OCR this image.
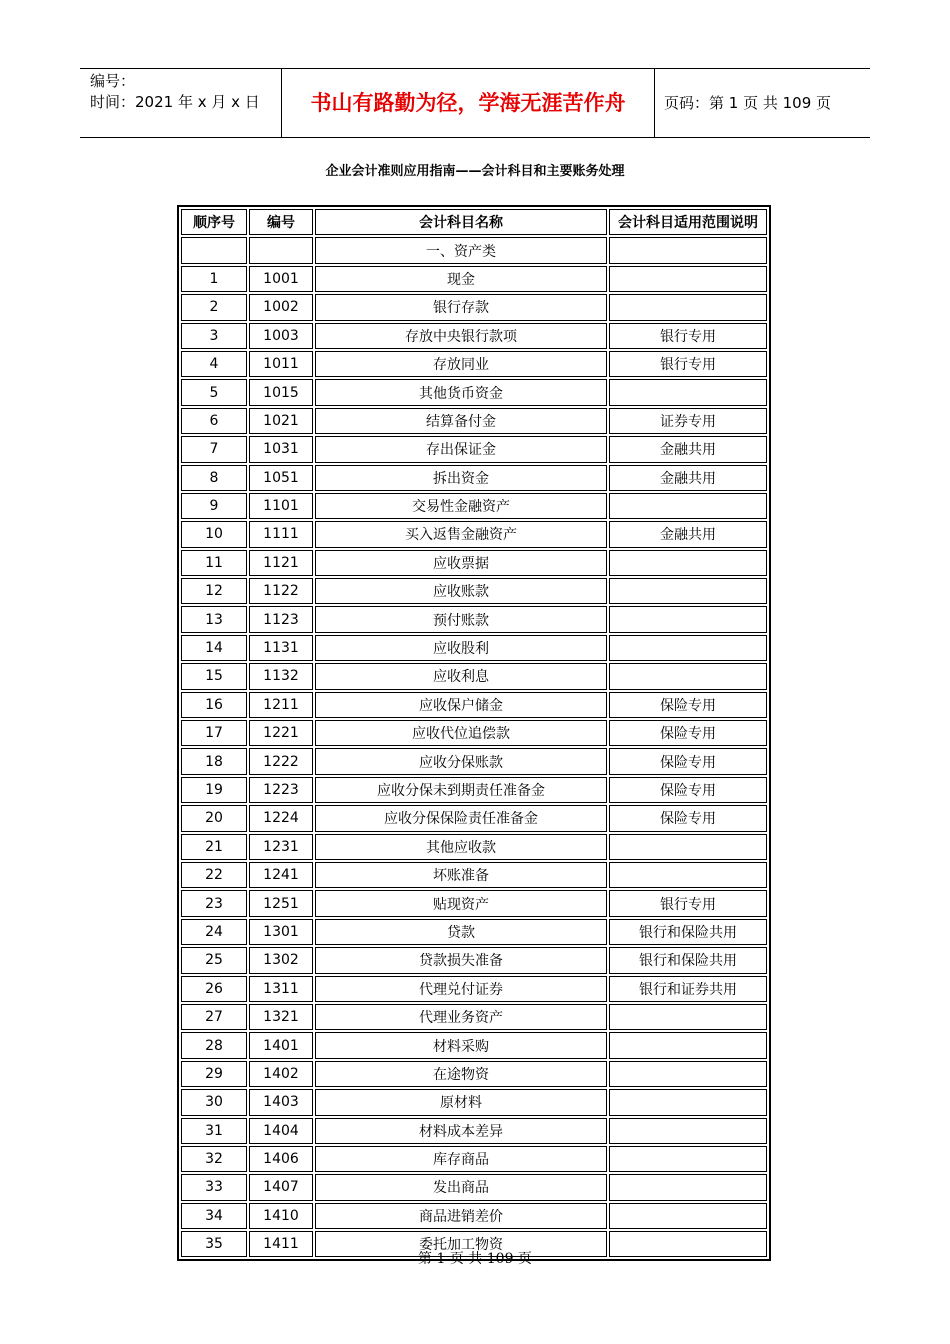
编号：
时间：2021 年 x 月 x 日	书山有路勤为径，学海无涯苦作舟	页码：第 1 页 共 109 页
企业会计准则应用指南——会计科目和主要账务处理
顺序号	编号	会计科目名称	会计科目适用范围说明
		一、资产类	
1	1001	现金	
2	1002	银行存款	
3	1003	存放中央银行款项	银行专用
4	1011	存放同业	银行专用
5	1015	其他货币资金	
6	1021	结算备付金	证券专用
7	1031	存出保证金	金融共用
8	1051	拆出资金	金融共用
9	1101	交易性金融资产	
10	1111	买入返售金融资产	金融共用
11	1121	应收票据	
12	1122	应收账款	
13	1123	预付账款	
14	1131	应收股利	
15	1132	应收利息	
16	1211	应收保户储金	保险专用
17	1221	应收代位追偿款	保险专用
18	1222	应收分保账款	保险专用
19	1223	应收分保未到期责任准备金	保险专用
20	1224	应收分保保险责任准备金	保险专用
21	1231	其他应收款	
22	1241	坏账准备	
23	1251	贴现资产	银行专用
24	1301	贷款	银行和保险共用
25	1302	贷款损失准备	银行和保险共用
26	1311	代理兑付证券	银行和证券共用
27	1321	代理业务资产	
28	1401	材料采购	
29	1402	在途物资	
30	1403	原材料	
31	1404	材料成本差异	
32	1406	库存商品	
33	1407	发出商品	
34	1410	商品进销差价	
35	1411	委托加工物资	
第 1 页 共 109 页
